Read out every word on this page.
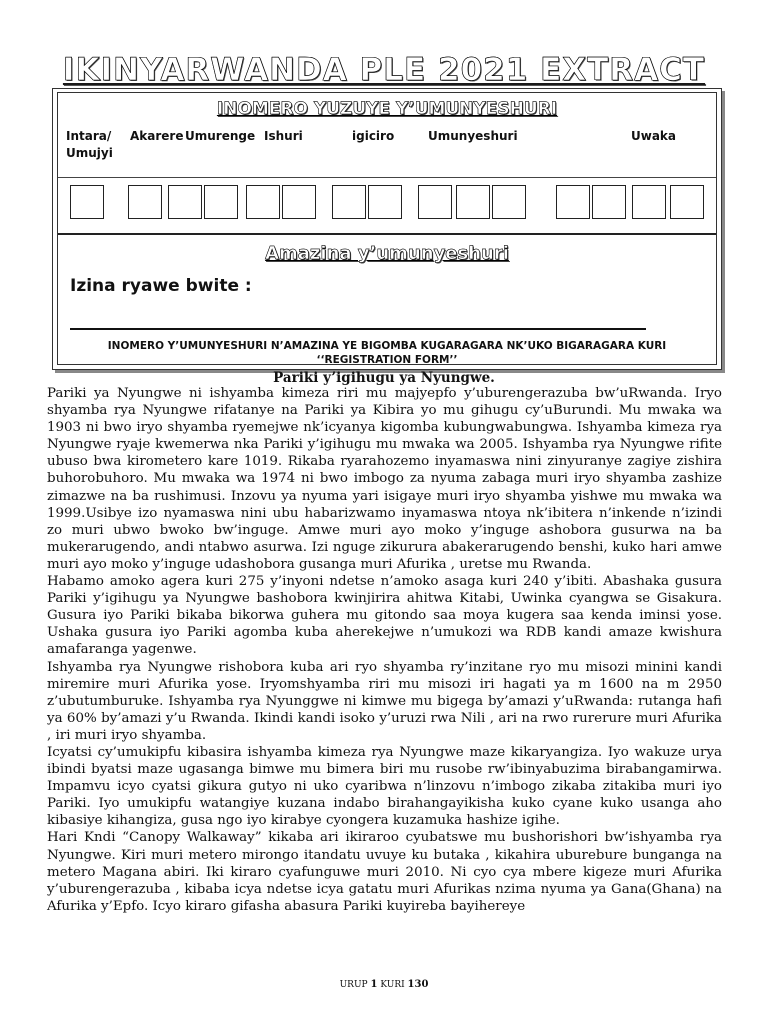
IKINYARWANDA PLE 2021 EXTRACT
INOMERO YUZUYE Y’UMUNYESHURI
Intara/ Umujyi
Akarere Umurenge Ishuri	igiciro	Umunyeshuri	Uwaka
Amazina y’umunyeshuri
Izina ryawe bwite :
INOMERO Y’UMUNYESHURI N’AMAZINA YE BIGOMBA KUGARAGARA NK’UKO BIGARAGARA KURI
‘‘REGISTRATION FORM’’
Pariki y’igihugu ya Nyungwe.

Pariki ya Nyungwe ni ishyamba kimeza riri mu majyepfo y’uburengerazuba bw’uRwanda. Iryo shyamba rya Nyungwe rifatanye na Pariki ya Kibira yo mu gihugu cy’uBurundi. Mu mwaka wa 1903 ni bwo iryo shyamba ryemejwe nk’icyanya kigomba kubungwabungwa. Ishyamba kimeza rya Nyungwe ryaje kwemerwa nka Pariki y’igihugu mu mwaka wa 2005. Ishyamba rya Nyungwe rifite ubuso bwa kirometero kare 1019. Rikaba ryarahozemo inyamaswa nini zinyuranye zagiye zishira buhorobuhoro. Mu mwaka wa 1974 ni bwo imbogo za nyuma zabaga muri iryo shyamba zashize zimazwe na ba rushimusi. Inzovu ya nyuma yari isigaye muri iryo shyamba yishwe mu mwaka wa 1999.Usibye izo nyamaswa nini ubu habarizwamo inyamaswa ntoya nk’ibitera n’inkende n’izindi zo muri ubwo bwoko bw’inguge. Amwe muri ayo moko y’inguge ashobora gusurwa na ba mukerarugendo, andi ntabwo asurwa. Izi nguge zikurura abakerarugendo benshi, kuko hari amwe muri ayo moko y’inguge udashobora gusanga muri Afurika , uretse mu Rwanda.

Habamo amoko agera kuri 275 y’inyoni ndetse n’amoko asaga kuri 240 y’ibiti. Abashaka gusura Pariki y’igihugu ya Nyungwe bashobora kwinjirira ahitwa Kitabi, Uwinka cyangwa se Gisakura. Gusura iyo Pariki bikaba bikorwa guhera mu gitondo saa moya kugera saa kenda iminsi yose. Ushaka gusura iyo Pariki agomba kuba aherekejwe n’umukozi wa RDB kandi amaze kwishura amafaranga yagenwe.

Ishyamba rya Nyungwe rishobora kuba ari ryo shyamba ry’inzitane ryo mu misozi minini kandi miremire muri Afurika yose. Iryomshyamba riri mu misozi iri hagati ya m 1600 na m 2950 z’ubutumburuke. Ishyamba rya Nyunggwe ni kimwe mu bigega by’amazi y’uRwanda: rutanga hafi ya 60% by’amazi y’u Rwanda. Ikindi kandi isoko y’uruzi rwa Nili , ari na rwo rurerure muri Afurika , iri muri iryo shyamba.

Icyatsi cy’umukipfu kibasira ishyamba kimeza rya Nyungwe maze kikaryangiza. Iyo wakuze urya ibindi byatsi maze ugasanga bimwe mu bimera biri mu rusobe rw’ibinyabuzima birabangamirwa. Impamvu icyo cyatsi gikura gutyo ni uko cyaribwa n’linzovu n’imbogo zikaba zitakiba muri iyo Pariki. Iyo umukipfu watangiye kuzana indabo birahangayikisha kuko cyane kuko usanga aho kibasiye kihangiza, gusa ngo iyo kirabye cyongera kuzamuka hashize igihe.

Hari Kndi “Canopy Walkaway” kikaba ari ikiraroo cyubatswe mu bushorishori bw’ishyamba rya Nyungwe. Kiri muri metero mirongo itandatu uvuye ku butaka , kikahira uburebure bunganga na metero Magana abiri. Iki kiraro cyafunguwe muri 2010. Ni cyo cya mbere kigeze muri Afurika y’uburengerazuba , kibaba icya ndetse icya gatatu muri Afurikas nzima nyuma ya Gana(Ghana) na Afurika y’Epfo. Icyo kiraro gifasha abasura Pariki kuyireba bayihereye

URUP 1 KURI 130
